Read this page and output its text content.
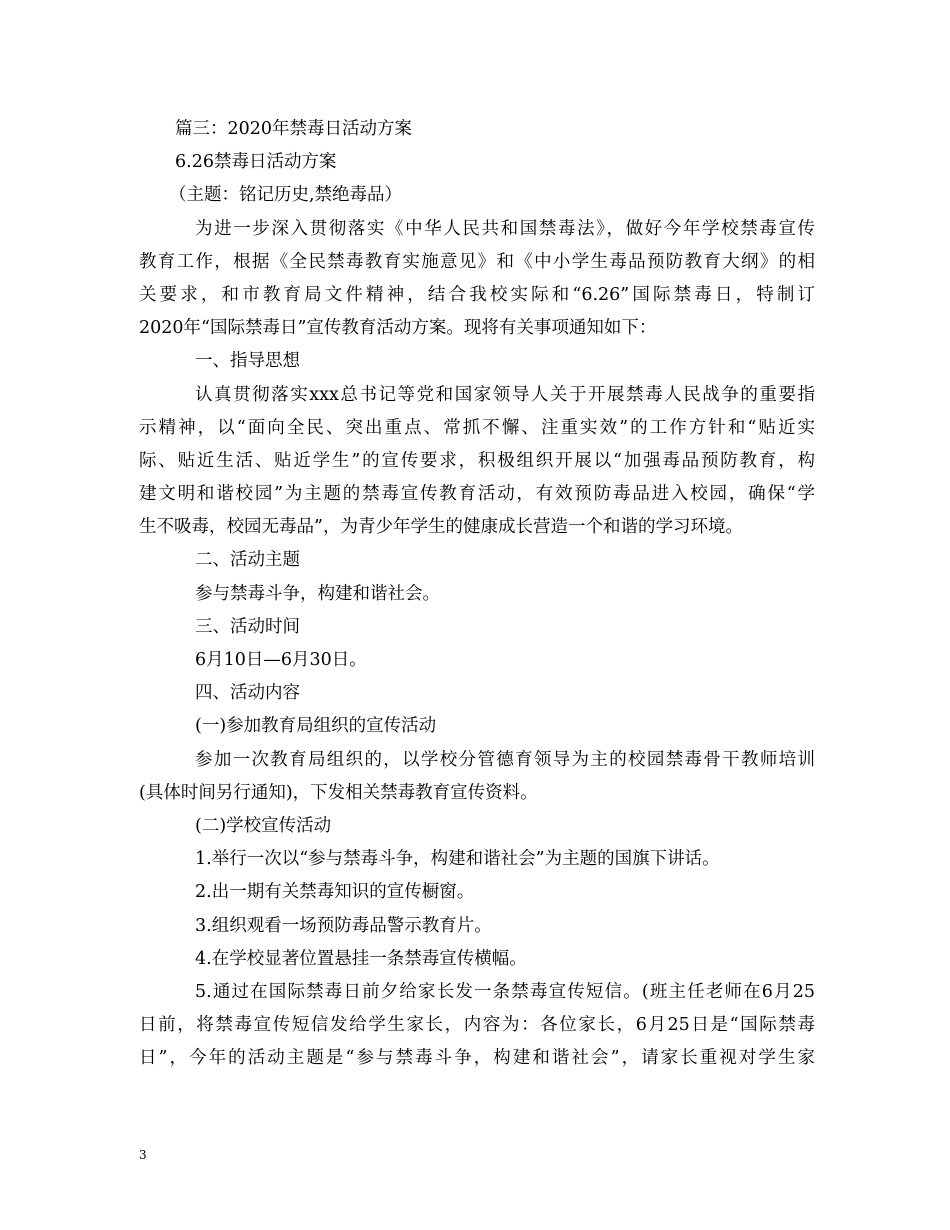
篇三：2020年禁毒日活动方案
6.26禁毒日活动方案
（主题：铭记历史,禁绝毒品）
为进一步深入贯彻落实《中华人民共和国禁毒法》，做好今年学校禁毒宣传
教育工作，根据《全民禁毒教育实施意见》和《中小学生毒品预防教育大纲》的相
关要求，和市教育局文件精神，结合我校实际和“6.26”国际禁毒日，特制订
2020年“国际禁毒日”宣传教育活动方案。现将有关事项通知如下：
一、指导思想
认真贯彻落实xxx总书记等党和国家领导人关于开展禁毒人民战争的重要指
示精神，以“面向全民、突出重点、常抓不懈、注重实效”的工作方针和“贴近实
际、贴近生活、贴近学生”的宣传要求，积极组织开展以“加强毒品预防教育，构
建文明和谐校园”为主题的禁毒宣传教育活动，有效预防毒品进入校园，确保“学
生不吸毒，校园无毒品”，为青少年学生的健康成长营造一个和谐的学习环境。
二、活动主题
参与禁毒斗争，构建和谐社会。
三、活动时间
6月10日—6月30日。
四、活动内容
(一)参加教育局组织的宣传活动
参加一次教育局组织的，以学校分管德育领导为主的校园禁毒骨干教师培训
(具体时间另行通知)，下发相关禁毒教育宣传资料。
(二)学校宣传活动
1.举行一次以“参与禁毒斗争，构建和谐社会”为主题的国旗下讲话。
2.出一期有关禁毒知识的宣传橱窗。
3.组织观看一场预防毒品警示教育片。
4.在学校显著位置悬挂一条禁毒宣传横幅。
5.通过在国际禁毒日前夕给家长发一条禁毒宣传短信。(班主任老师在6月25
日前，将禁毒宣传短信发给学生家长，内容为：各位家长，6月25日是“国际禁毒
日”，今年的活动主题是“参与禁毒斗争，构建和谐社会”，请家长重视对学生家
3
